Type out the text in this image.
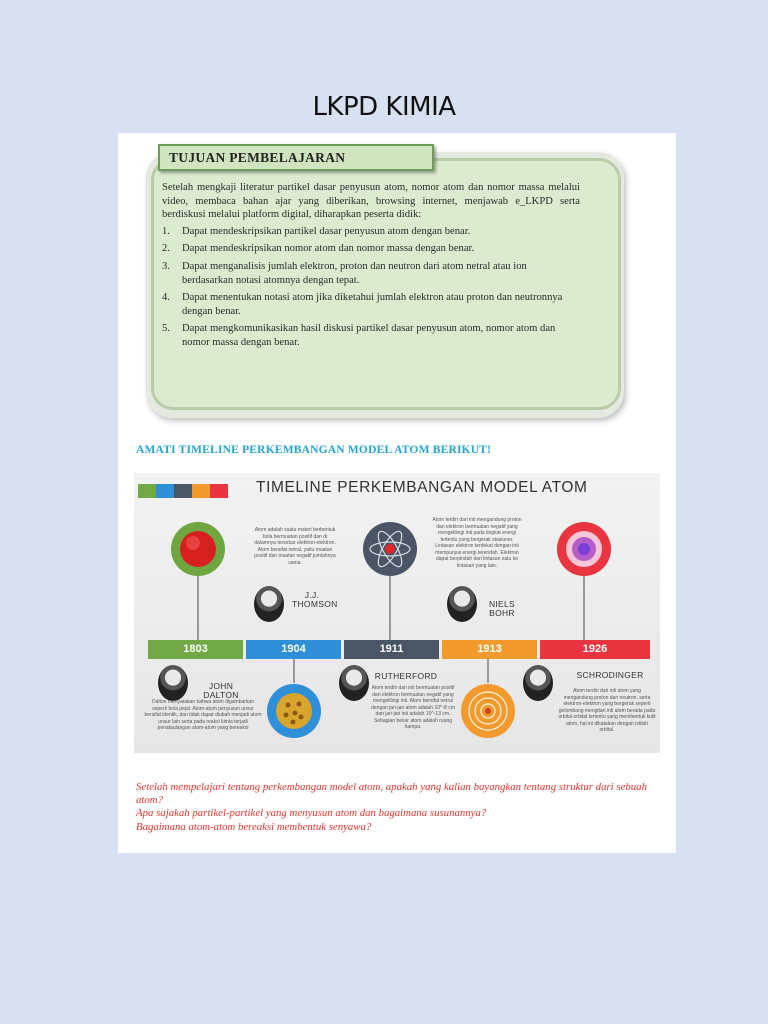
LKPD KIMIA
TUJUAN PEMBELAJARAN

Setelah mengkaji literatur partikel dasar penyusun atom, nomor atom dan nomor massa melalui video, membaca bahan ajar yang diberikan, browsing internet, menjawab e_LKPD serta berdiskusi melalui platform digital, diharapkan peserta didik:

1.	Dapat mendeskripsikan partikel dasar penyusun atom dengan benar.
2.	Dapat mendeskripsikan nomor atom dan nomor massa dengan benar.
3.	Dapat menganalisis jumlah elektron, proton dan neutron dari atom netral atau ion berdasarkan notasi atomnya dengan tepat.
4.	Dapat menentukan notasi atom jika diketahui jumlah elektron atau proton dan neutronnya dengan benar.
5.	Dapat mengkomunikasikan hasil diskusi partikel dasar penyusun atom, nomor atom dan nomor massa dengan benar.
AMATI TIMELINE PERKEMBANGAN MODEL ATOM BERIKUT!
TIMELINE PERKEMBANGAN MODEL ATOM
1803	1904	1911	1913	1926
J.J. THOMSON	NIELS BOHR
JOHN DALTON
RUTHERFORD	SCHRODINGER
Atom adalah suatu materi berbentuk bola bermuatan positif dan di dalamnya tersebar elektron-elektron. Atom bersifat netral, yaitu muatan positif dan muatan negatif jumlahnya sama.
Atom terdiri dari inti mengandung proton dan elektron bermuatan negatif yang mengelilingi inti pada tingkat energi tertentu yang bergerak stasioner. Lintasan elektron terdekat dengan inti mempunyai energi terendah. Elektron dapat berpindah dari lintasan satu ke lintasan yang lain.
Dalton menyatakan bahwa atom digambarkan seperti bola pejal. Atom-atom penyusun unsur bersifat identik, dan tidak dapat diubah menjadi atom unsur lain serta pada reaksi kimia terjadi penataulangan atom-atom yang bereaksi
Atom terdiri dari inti bermuatan positif dan elektron bermuatan negatif yang mengelilingi inti. Atom bersifat netral dengan jari-jari atom adalah 10^-8 cm dan jari-jari inti adalah 10^-13 cm. Sebagian besar atom adalah ruang hampa.
Atom terdiri dari inti atom yang mengandung proton dan neutron, serta elektron-elektron yang bergerak seperti gelombang mengitari inti atom berada pada orbital-orbital tertentu yang membentuk kulit atom, hal ini dikatakan dengan istilah orbital.

Setelah mempelajari tentang perkembangan model atom, apakah yang kalian bayangkan tentang struktur dari sebuah atom?

Apa sajakah partikel-partikel yang menyusun atom dan bagaimana susunannya?

Bagaimana atom-atom bereaksi membentuk senyawa?
